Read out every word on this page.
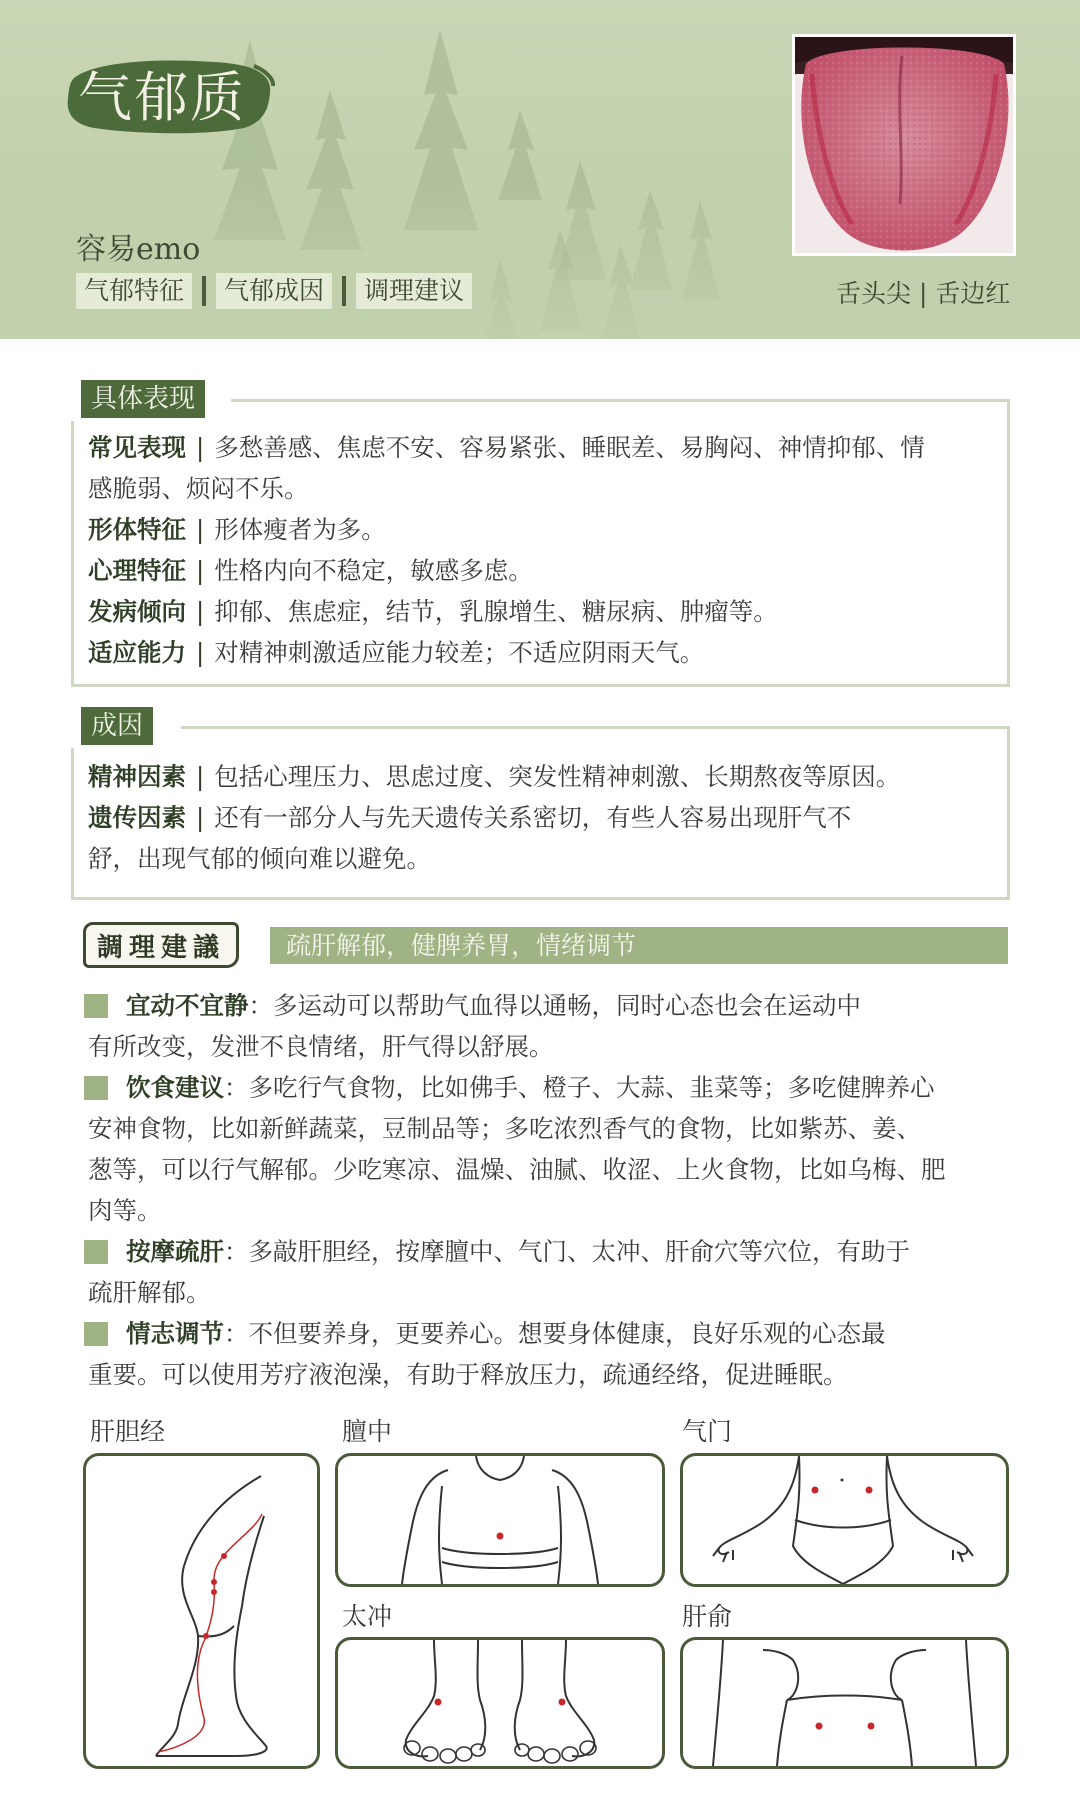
气郁质
容易emo
气郁特征	气郁成因	调理建议	舌头尖 | 舌边红
具体表现
常见表现 | 多愁善感、焦虑不安、容易紧张、睡眠差、易胸闷、神情抑郁、情
感脆弱、烦闷不乐。
形体特征 | 形体瘦者为多。
心理特征 | 性格内向不稳定，敏感多虑。
发病倾向 | 抑郁、焦虑症，结节，乳腺增生、糖尿病、肿瘤等。
适应能力 | 对精神刺激适应能力较差；不适应阴雨天气。
成因
精神因素 | 包括心理压力、思虑过度、突发性精神刺激、长期熬夜等原因。
遗传因素 | 还有一部分人与先天遗传关系密切，有些人容易出现肝气不
舒，出现气郁的倾向难以避免。
調理建議	疏肝解郁，健脾养胃，情绪调节
宜动不宜静 ： 多运动可以帮助气血得以通畅，同时心态也会在运动中
有所改变，发泄不良情绪，肝气得以舒展。
饮食建议 ： 多吃行气食物，比如佛手、橙子、大蒜、韭菜等；多吃健脾养心
安神食物，比如新鲜蔬菜，豆制品等；多吃浓烈香气的食物，比如紫苏、姜、
葱等，可以行气解郁。少吃寒凉、温燥、油腻、收涩、上火食物，比如乌梅、肥
肉等。
按摩疏肝 ： 多敲肝胆经，按摩膻中、气门、太冲、肝俞穴等穴位，有助于
疏肝解郁。
情志调节 ： 不但要养身，更要养心。想要身体健康，良好乐观的心态最
重要。可以使用芳疗液泡澡，有助于释放压力，疏通经络，促进睡眠。
肝胆经	膻中	气门
太冲	肝俞
